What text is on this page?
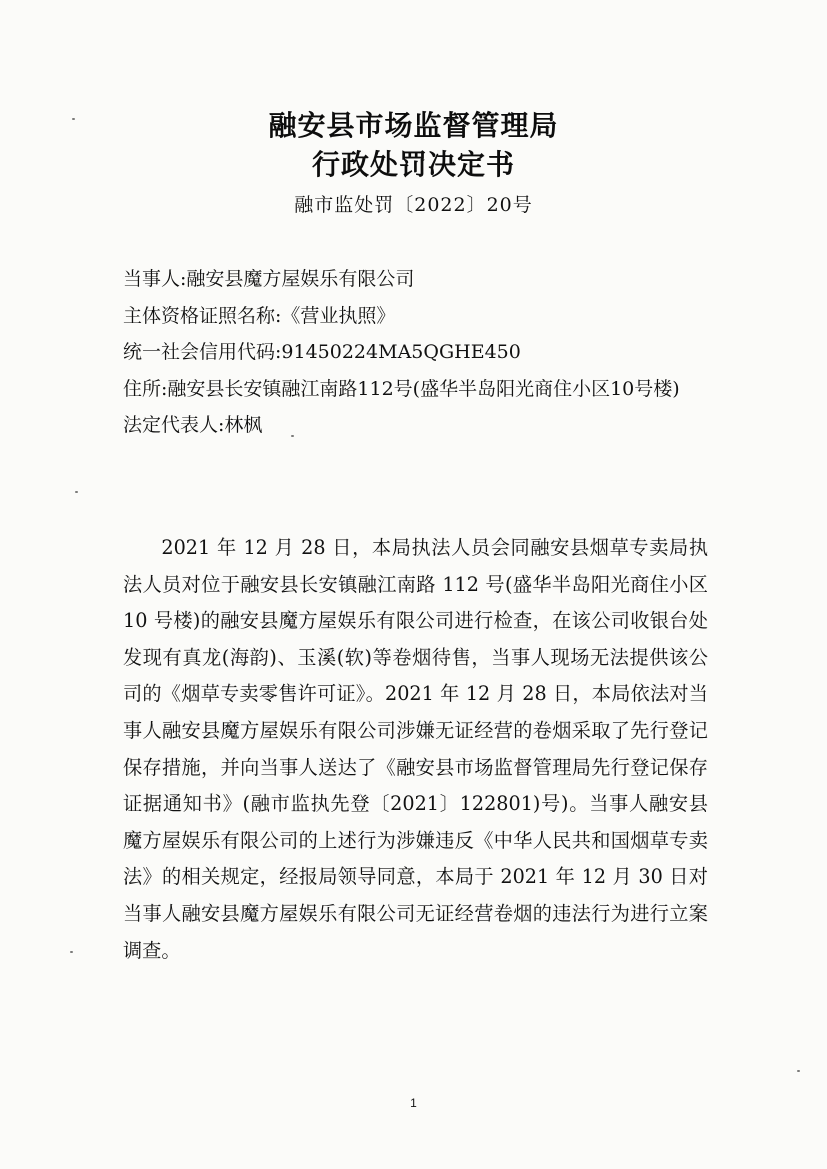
融安县市场监督管理局
行政处罚决定书
融市监处罚〔2022〕20号
当事人:融安县魔方屋娱乐有限公司
主体资格证照名称:《营业执照》
统一社会信用代码:91450224MA5QGHE450
住所:融安县长安镇融江南路112号(盛华半岛阳光商住小区10号楼)
法定代表人:林枫

2021 年 12 月 28 日，本局执法人员会同融安县烟草专卖局执法人员对位于融安县长安镇融江南路 112 号(盛华半岛阳光商住小区 10 号楼)的融安县魔方屋娱乐有限公司进行检查，在该公司收银台处发现有真龙(海韵)、玉溪(软)等卷烟待售，当事人现场无法提供该公司的《烟草专卖零售许可证》。2021 年 12 月 28 日，本局依法对当事人融安县魔方屋娱乐有限公司涉嫌无证经营的卷烟采取了先行登记保存措施，并向当事人送达了《融安县市场监督管理局先行登记保存证据通知书》(融市监执先登〔2021〕122801)号)。当事人融安县魔方屋娱乐有限公司的上述行为涉嫌违反《中华人民共和国烟草专卖法》的相关规定，经报局领导同意，本局于 2021 年 12 月 30 日对当事人融安县魔方屋娱乐有限公司无证经营卷烟的违法行为进行立案调查。

1
